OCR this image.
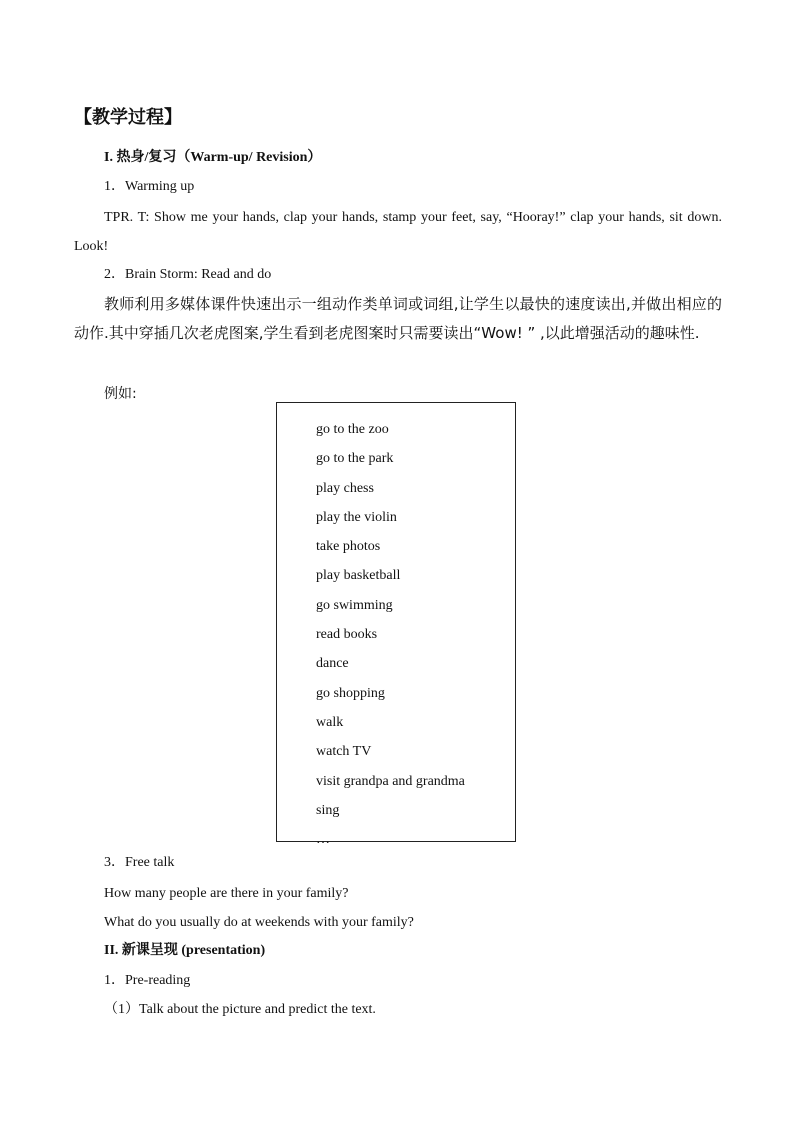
【教学过程】
I. 热身/复习（Warm-up/ Revision）
1．Warming up
TPR. T: Show me your hands, clap your hands, stamp your feet, say, “Hooray!” clap your hands, sit down. Look!
2．Brain Storm: Read and do
教师利用多媒体课件快速出示一组动作类单词或词组,让学生以最快的速度读出,并做出相应的动作.其中穿插几次老虎图案,学生看到老虎图案时只需要读出“Wow! ” ,以此增强活动的趣味性.
例如:
go to the zoo
go to the park
play chess
play the violin
take photos
play basketball
go swimming
read books
dance
go shopping
walk
watch TV
visit grandpa and grandma
sing
…
3．Free talk
How many people are there in your family?
What do you usually do at weekends with your family?
II. 新课呈现 (presentation)
1．Pre-reading
（1）Talk about the picture and predict the text.
